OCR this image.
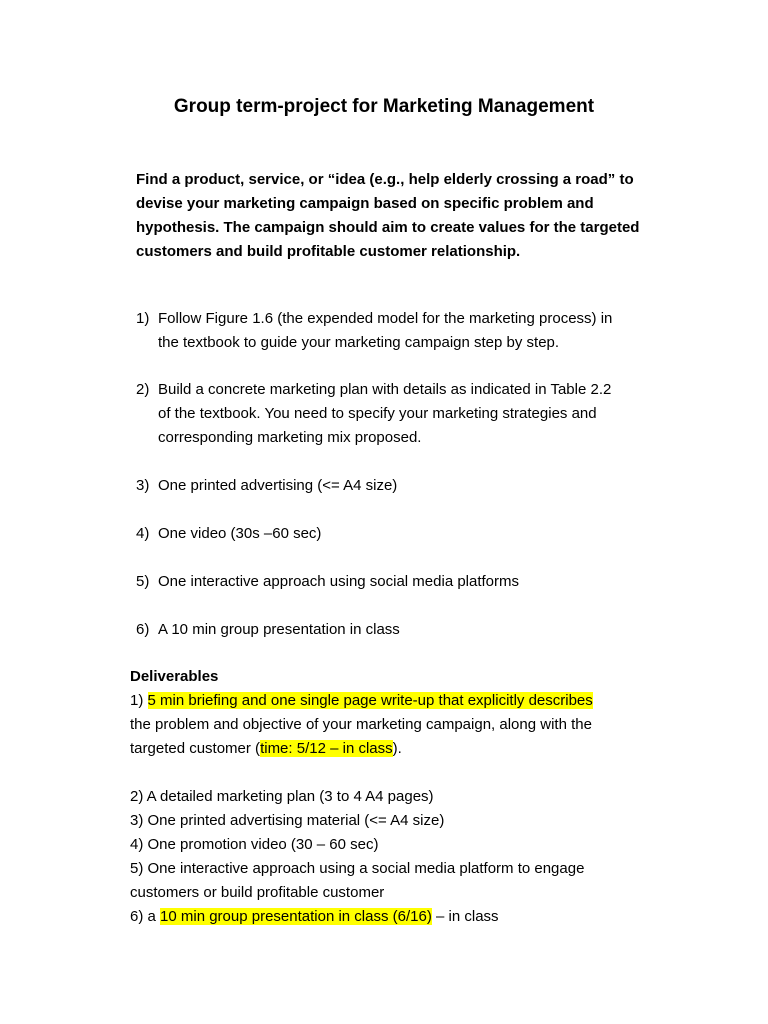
Group term-project for Marketing Management
Find a product, service, or “idea (e.g., help elderly crossing a road” to
devise your marketing campaign based on specific problem and
hypothesis. The campaign should aim to create values for the targeted
customers and build profitable customer relationship.
1) Follow Figure 1.6 (the expended model for the marketing process) in
the textbook to guide your marketing campaign step by step.
2) Build a concrete marketing plan with details as indicated in Table 2.2
of the textbook. You need to specify your marketing strategies and
corresponding marketing mix proposed.
3) One printed advertising (<= A4 size)
4) One video (30s –60 sec)
5) One interactive approach using social media platforms
6) A 10 min group presentation in class
Deliverables
1) 5 min briefing and one single page write-up that explicitly describes
the problem and objective of your marketing campaign, along with the
targeted customer (time: 5/12 – in class).
2) A detailed marketing plan (3 to 4 A4 pages)
3) One printed advertising material (<= A4 size)
4) One promotion video (30 – 60 sec)
5) One interactive approach using a social media platform to engage
customers or build profitable customer
6) a 10 min group presentation in class (6/16) – in class
